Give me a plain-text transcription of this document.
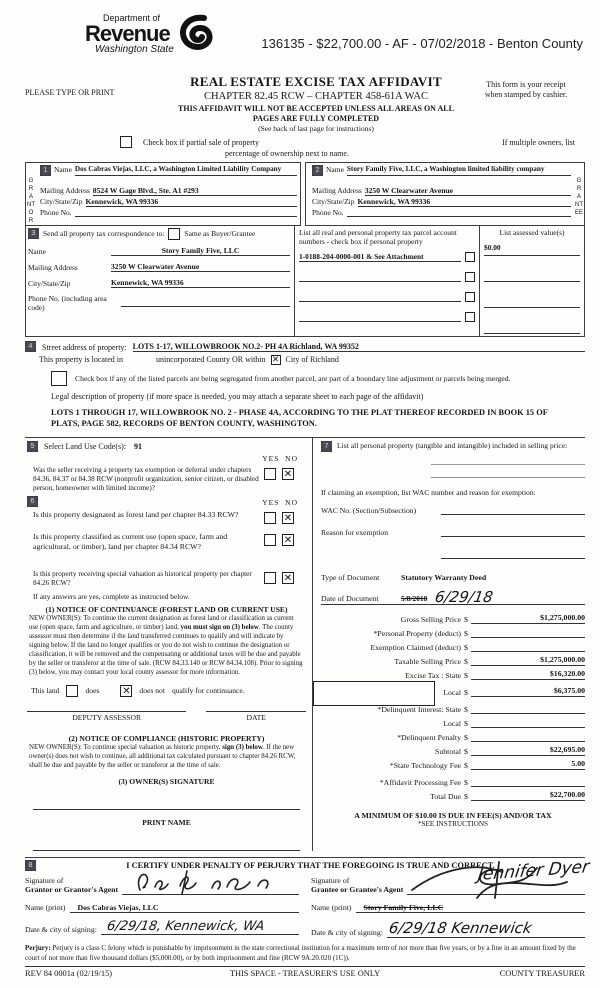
Department of
Revenue
Washington State	136135 - $22,700.00 - AF - 07/02/2018 - Benton County
PLEASE TYPE OR PRINT
REAL ESTATE EXCISE TAX AFFIDAVIT
CHAPTER 82.45 RCW – CHAPTER 458-61A WAC
THIS AFFIDAVIT WILL NOT BE ACCEPTED UNLESS ALL AREAS ON ALL PAGES ARE FULLY COMPLETED
(See back of last page for instructions)
This form is your receipt
when stamped by cashier.
Check box if partial sale of property
percentage of ownership next to name.
If multiple owners, list
GRANTOR
1 Name Dos Cabras Viejas, LLC, a Washington Limited Liability Company
Mailing Address 8524 W Gage Blvd., Ste. A1 #293
City/State/Zip Kennewick, WA 99336
Phone No.
GRANTEE
2 Name Story Family Five, LLC, a Washington limited liability company
Mailing Address 3250 W Clearwater Avenue
City/State/Zip Kennewick, WA 99336
Phone No.
3	Send all property tax correspondence to:	Same as Buyer/Grantee
Name	Story Family Five, LLC
Mailing Address	3250 W Clearwater Avenue
City/State/Zip	Kennewick, WA 99336
Phone No. (including area code)
List all real and personal property tax parcel account numbers - check box if personal property
1-0188-204-0000-001 & See Attachment
List assessed value(s)
$0.00
4	Street address of property: LOTS 1-17, WILLOWBROOK NO.2- PH 4A Richland, WA 99352
This property is located in	unincorporated County OR within ✕ City of Richland
Check box if any of the listed parcels are being segregated from another parcel, are part of a boundary line adjustment or parcels being merged.
Legal description of property (if more space is needed, you may attach a separate sheet to each page of the affidavit)
LOTS 1 THROUGH 17, WILLOWBROOK NO. 2 - PHASE 4A, ACCORDING TO THE PLAT THEREOF RECORDED IN BOOK 15 OF PLATS, PAGE 582, RECORDS OF BENTON COUNTY, WASHINGTON.
5 Select Land Use Code(s): 91
YES NO
Was the seller receiving a property tax exemption or deferral under chapters 84.36, 84.37 or 84.38 RCW (nonprofit organization, senior citizen, or disabled person, homeowner with limited income)?
✕
6	YES NO
Is this property designated as forest land per chapter 84.33 RCW?	✕
Is this property classified as current use (open space, farm and agricultural, or timber), land per chapter 84.34 RCW?
✕
Is this property receiving special valuation as historical property per chapter 84.26 RCW?	✕
If any answers are yes, complete as instructed below.
(1) NOTICE OF CONTINUANCE (FOREST LAND OR CURRENT USE)
NEW OWNER(S): To continue the current designation as forest land or classification as current use (open space, farm and agriculture, or timber) land, you must sign on (3) below. The county assessor must then determine if the land transferred continues to qualify and will indicate by signing below. If the land no longer qualifies or you do not wish to continue the designation or classification, it will be removed and the compensating or additional taxes will be due and payable by the seller or transferor at the time of sale. (RCW 84.33.140 or RCW 84.34.108). Prior to signing (3) below, you may contact your local county assessor for more information.
This land	does ✕ does not qualify for continuance.
DEPUTY ASSESSOR	DATE
(2) NOTICE OF COMPLIANCE (HISTORIC PROPERTY)
NEW OWNER(S): To continue special valuation as historic property, sign (3) below. If the new owner(s) does not wish to continue, all additional tax calculated pursuant to chapter 84.26 RCW, shall be due and payable by the seller or transferor at the time of sale.
(3) OWNER(S) SIGNATURE
PRINT NAME
7	List all personal property (tangible and intangible) included in selling price:
If claiming an exemption, list WAC number and reason for exemption:
WAC No. (Section/Subsection)
Reason for exemption
Type of Document	Statutory Warranty Deed
Date of Document	5/8/2018 6/29/18
Gross Selling Price $	$1,275,000.00
*Personal Property (deduct) $
Exemption Claimed (deduct) $
Taxable Selling Price $	$1,275,000.00
Excise Tax : State $	$16,320.00
Local $	$6,375.00
*Delinquent Interest: State $
Local $
*Delinquent Penalty $
Subtotal $	$22,695.00
*State Technology Fee $	5.00
*Affidavit Processing Fee $
Total Due $	$22,700.00
A MINIMUM OF $10.00 IS DUE IN FEE(S) AND/OR TAX
*SEE INSTRUCTIONS
8	I CERTIFY UNDER PENALTY OF PERJURY THAT THE FOREGOING IS TRUE AND CORRECT.
Signature of
Grantor or Grantor's Agent
Name (print)	Dos Cabras Viejas, LLC
Date & city of signing: 6/29/18, Kennewick, WA
Signature of
Grantee or Grantee's Agent
Name (print)	Story Family Five, LLC
Jennifer Dyer
Date & city of signing: 6/29/18 Kennewick
Perjury: Perjury is a class C felony which is punishable by imprisonment in the state correctional institution for a maximum term of not more than five years, or by a fine in an amount fixed by the court of not more than five thousand dollars ($5,000.00), or by both imprisonment and fine (RCW 9A.20.020 (1C)).
REV 84 0001a (02/19/15)	THIS SPACE - TREASURER'S USE ONLY	COUNTY TREASURER
